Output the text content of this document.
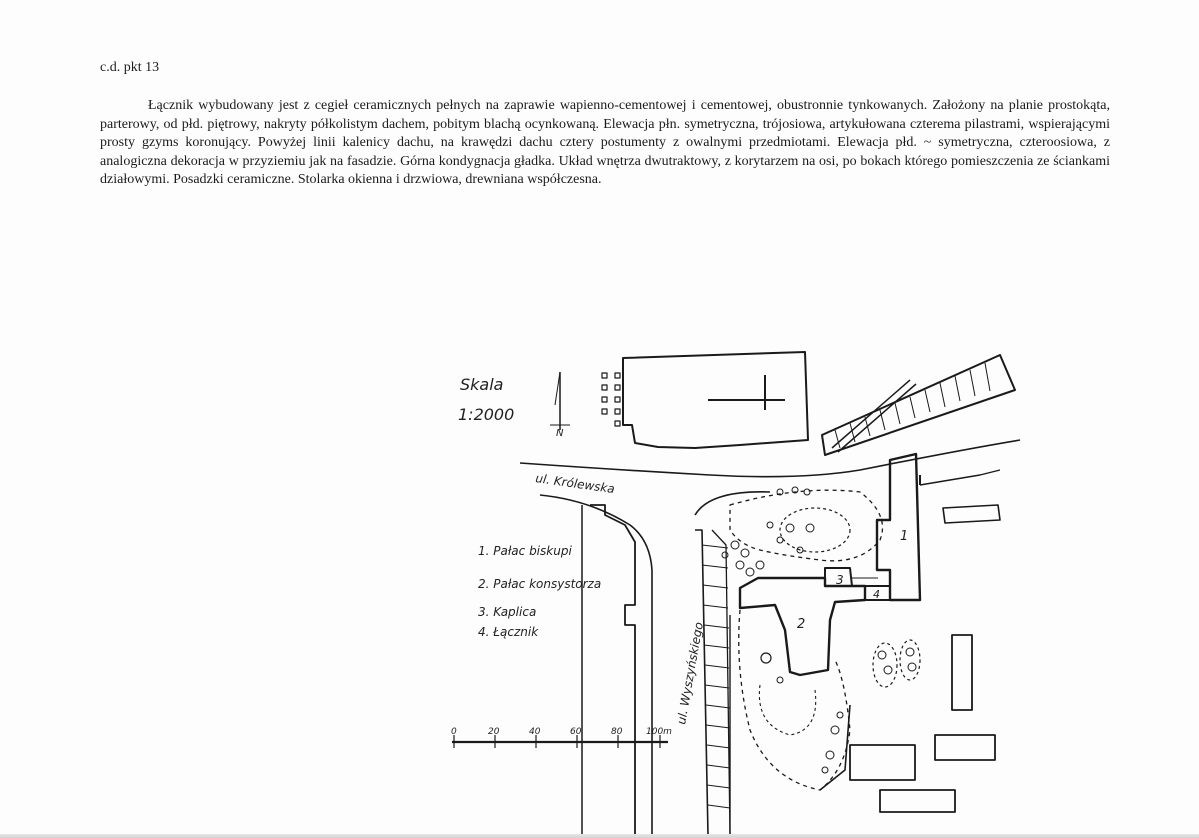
c.d. pkt 13
Łącznik wybudowany jest z cegieł ceramicznych pełnych na zaprawie wapienno-cementowej i cementowej, obustronnie tynkowanych. Założony na planie prostokąta, parterowy, od płd. piętrowy, nakryty półkolistym dachem, pobitym blachą ocynkowaną. Elewacja płn. symetryczna, trójosiowa, artykułowana czterema pilastrami, wspierającymi prosty gzyms koronujący. Powyżej linii kalenicy dachu, na krawędzi dachu cztery postumenty z owalnymi przedmiotami. Elewacja płd. ~ symetryczna, czteroosiowa, z analogiczna dekoracja w przyziemiu jak na fasadzie. Górna kondygnacja gładka. Układ wnętrza dwutraktowy, z korytarzem na osi, po bokach którego pomieszczenia ze ściankami działowymi. Posadzki ceramiczne. Stolarka okienna i drzwiowa, drewniana współczesna.
Skala
1:2000
N
ul. Królewska
ul. Wyszyńskiego
1. Pałac biskupi
2. Pałac konsystorza
3. Kaplica
4. Łącznik
1
2
3
4
0	20	40	60	80	100m
